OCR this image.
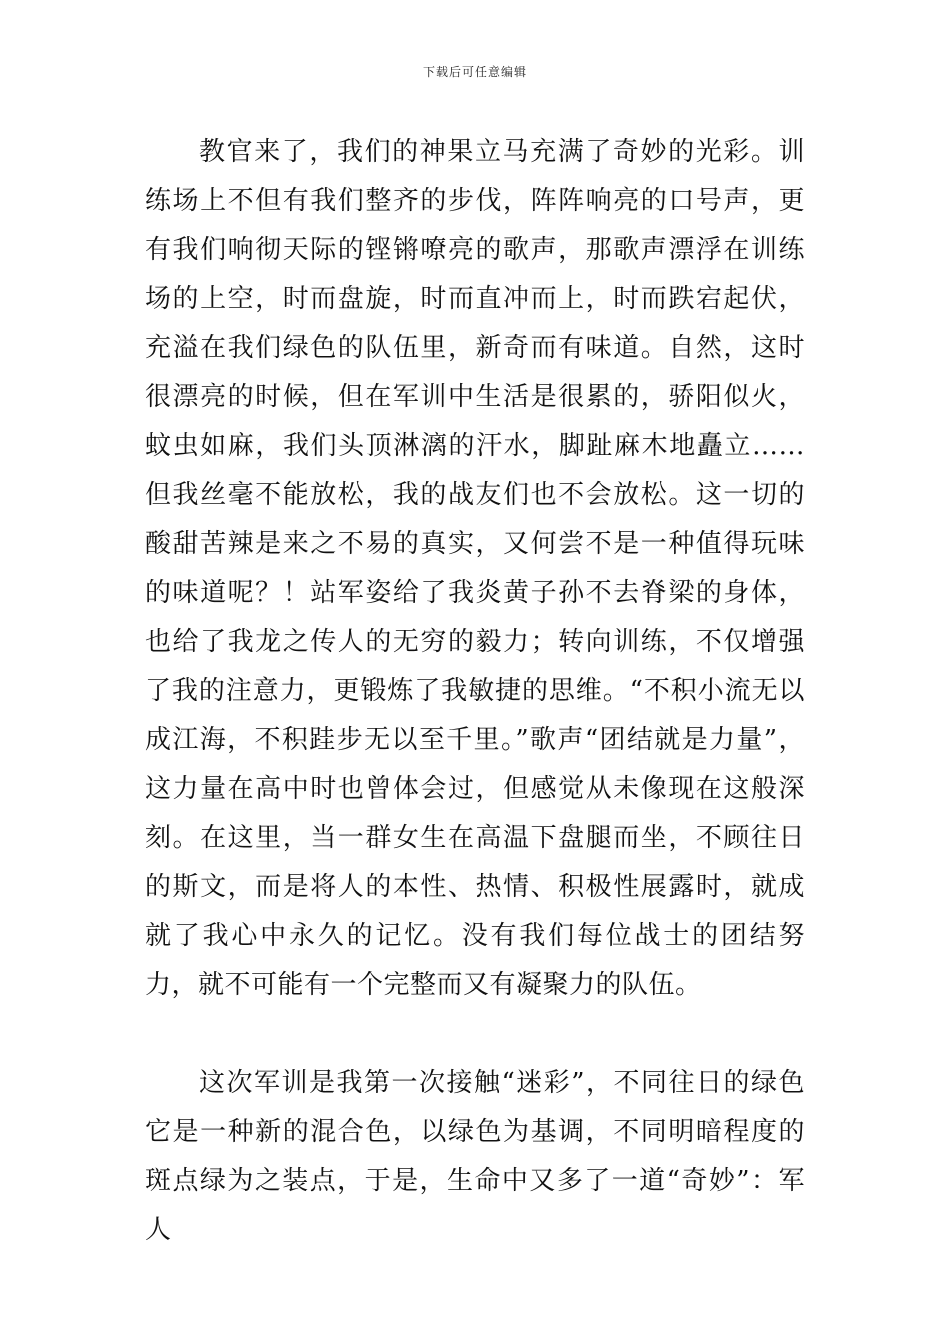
下载后可任意编辑

教官来了，我们的神果立马充满了奇妙的光彩。训练场上不但有我们整齐的步伐，阵阵响亮的口号声，更有我们响彻天际的铿锵嘹亮的歌声，那歌声漂浮在训练场的上空，时而盘旋，时而直冲而上，时而跌宕起伏，充溢在我们绿色的队伍里，新奇而有味道。自然，这时很漂亮的时候，但在军训中生活是很累的，骄阳似火，蚊虫如麻，我们头顶淋漓的汗水，脚趾麻木地矗立……但我丝毫不能放松，我的战友们也不会放松。这一切的酸甜苦辣是来之不易的真实，又何尝不是一种值得玩味的味道呢？！站军姿给了我炎黄子孙不去脊梁的身体，也给了我龙之传人的无穷的毅力；转向训练，不仅增强了我的注意力，更锻炼了我敏捷的思维。“不积小流无以成江海，不积跬步无以至千里。”歌声“团结就是力量”，这力量在高中时也曾体会过，但感觉从未像现在这般深刻。在这里，当一群女生在高温下盘腿而坐，不顾往日的斯文，而是将人的本性、热情、积极性展露时，就成就了我心中永久的记忆。没有我们每位战士的团结努力，就不可能有一个完整而又有凝聚力的队伍。

这次军训是我第一次接触“迷彩”，不同往日的绿色它是一种新的混合色，以绿色为基调，不同明暗程度的斑点绿为之装点，于是，生命中又多了一道“奇妙”：军人
